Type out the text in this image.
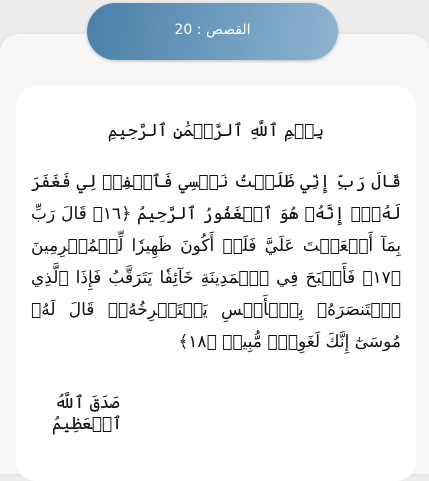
القصص : 20
بِسۡمِ ٱللَّهِ ٱلرَّحۡمَٰنِ ٱلرَّحِيمِ
قَالَ رَبِّ إِنِّي ظَلَمۡتُ نَفۡسِي فَٱغۡفِرۡ لِي فَغَفَرَ لَهُۥٓۚ إِنَّهُۥ هُوَ ٱلۡغَفُورُ ٱلرَّحِيمُ ﴿١٦﴾ قَالَ رَبِّ بِمَآ أَنۡعَمۡتَ عَلَيَّ فَلَنۡ أَكُونَ ظَهِيرٗا لِّلۡمُجۡرِمِينَ ﴿١٧﴾ فَأَصۡبَحَ فِي ٱلۡمَدِينَةِ خَآئِفٗا يَتَرَقَّبُ فَإِذَا ٱلَّذِي ٱسۡتَنصَرَهُۥ بِٱلۡأَمۡسِ يَسۡتَصۡرِخُهُۥۚ قَالَ لَهُۥ مُوسَىٰٓ إِنَّكَ لَغَوِيّٞ مُّبِينٞ ﴿١٨﴾
صَدَقَ ٱللَّهُ ٱلۡعَظِيمُ
